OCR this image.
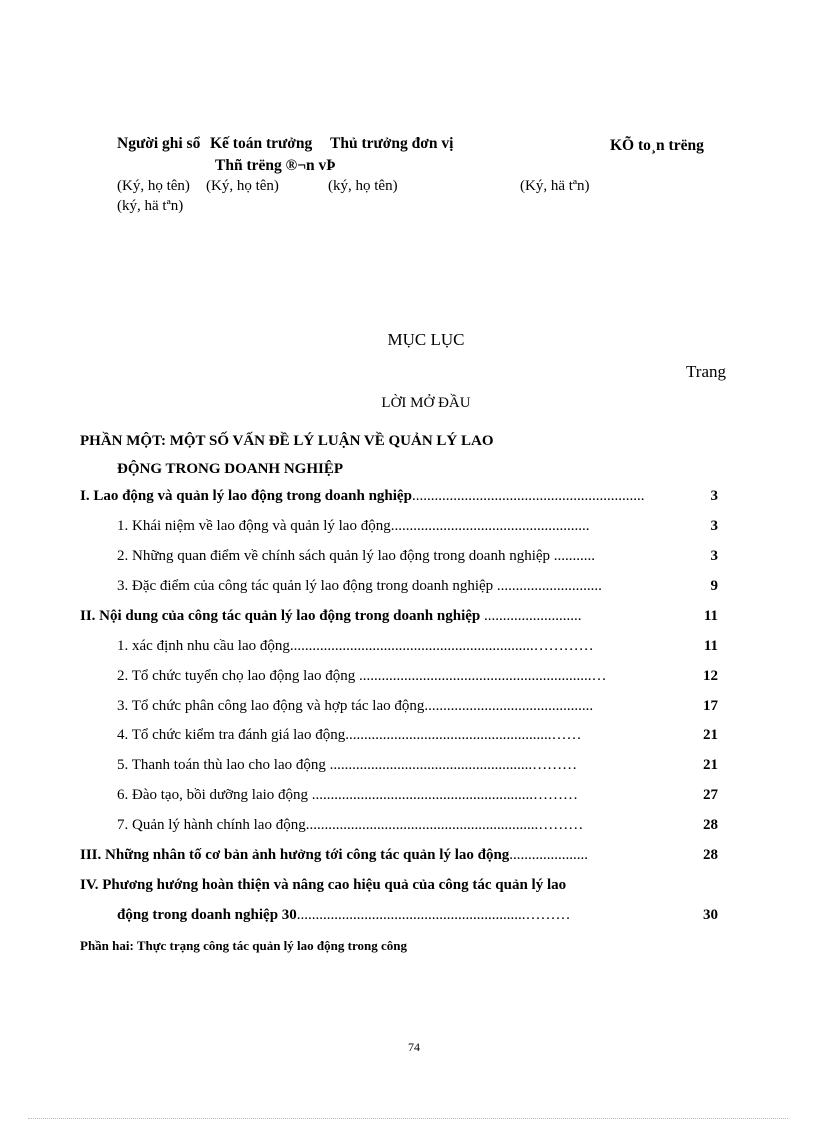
Người ghi sổ Kế toán trưởng Thủ trưởng đơn vị	KÕ to¸n trëng
Thñ trëng ®¬n vÞ
(Ký, họ tên) (Ký, họ tên)	(ký, họ tên)	(Ký, hä tªn)
(ký, hä tªn)
MỤC LỤC
Trang
LỜI MỞ ĐẦU
PHẦN MỘT: MỘT SỐ VẤN ĐỀ LÝ LUẬN VỀ QUẢN LÝ LAO
ĐỘNG TRONG DOANH NGHIỆP
I. Lao động và quản lý lao động trong doanh nghiệp..............................................................	3
1. Khái niệm về lao động và quản lý lao động.....................................................	3
2. Những quan điểm về chính sách quản lý lao động trong doanh nghiệp ...........	3
3. Đặc điểm của công tác quản lý lao động trong doanh nghiệp ............................	9
II. Nội dung của công tác quản lý lao động trong doanh nghiệp ..........................	11
1. xác định nhu cầu lao động.................................................................…………	11
2. Tổ chức tuyển chọ lao động lao động ..............................................................…	12
3. Tổ chức phân công lao động và hợp tác lao động.............................................	17
4. Tổ chức kiểm tra đánh giá lao động.......................................................……	21
5. Thanh toán thù lao cho lao động ......................................................………	21
6. Đào tạo, bồi dưỡng laio động ...........................................................………	27
7. Quản lý hành chính lao động..............................................................………	28
III. Những nhân tố cơ bản ảnh hưởng tới công tác quản lý lao động.....................	28
IV. Phương hướng hoàn thiện và nâng cao hiệu quả của công tác quản lý lao
động trong doanh nghiệp 30.............................................................………	30
Phần hai: Thực trạng công tác quản lý lao động trong công
74
